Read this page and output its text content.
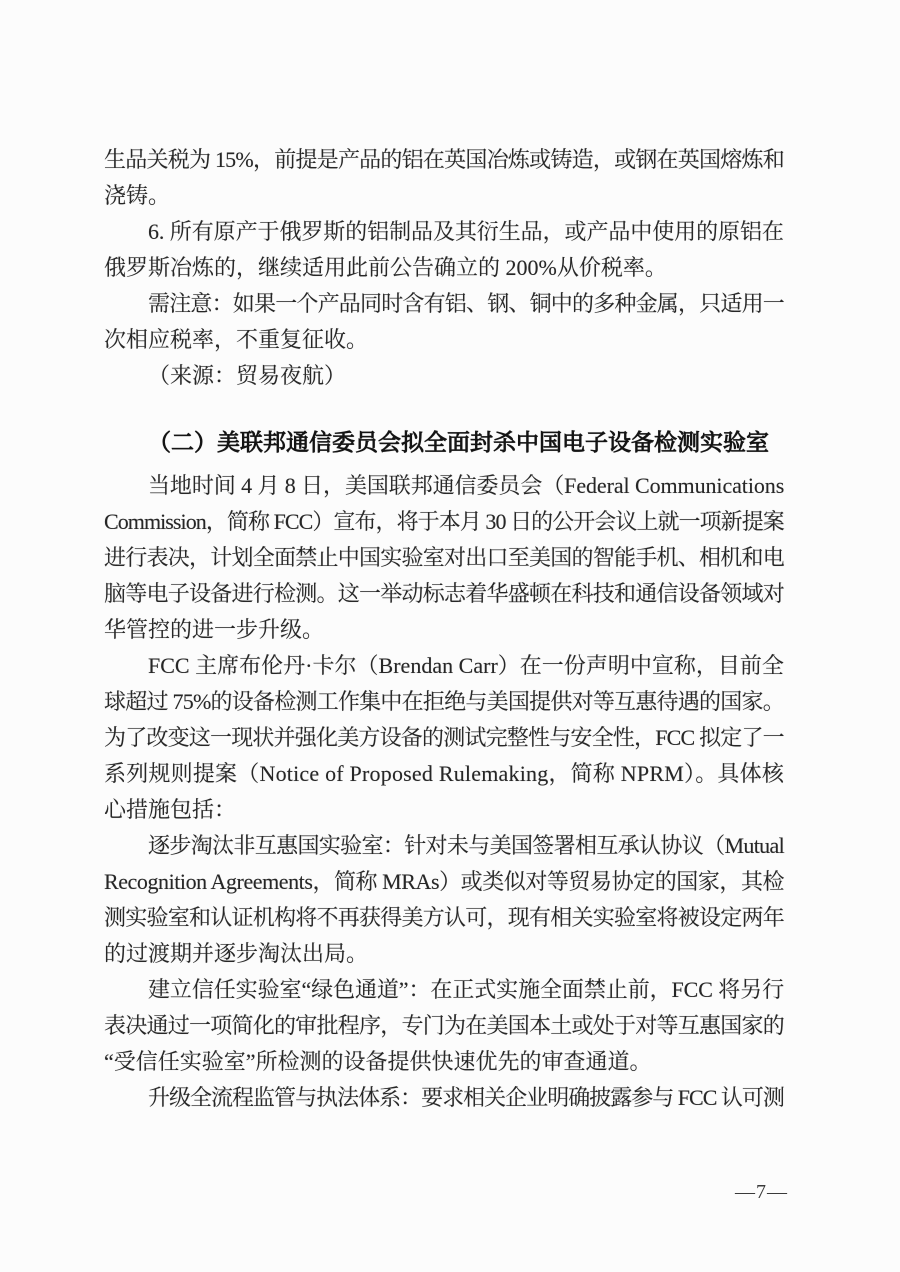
生品关税为 15%，前提是产品的铝在英国冶炼或铸造，或钢在英国熔炼和
浇铸。
6. 所有原产于俄罗斯的铝制品及其衍生品，或产品中使用的原铝在
俄罗斯冶炼的，继续适用此前公告确立的 200%从价税率。
需注意：如果一个产品同时含有铝、钢、铜中的多种金属，只适用一
次相应税率，不重复征收。
（来源：贸易夜航）
（二）美联邦通信委员会拟全面封杀中国电子设备检测实验室
当地时间 4 月 8 日，美国联邦通信委员会（Federal Communications
Commission，简称 FCC）宣布，将于本月 30 日的公开会议上就一项新提案
进行表决，计划全面禁止中国实验室对出口至美国的智能手机、相机和电
脑等电子设备进行检测。这一举动标志着华盛顿在科技和通信设备领域对
华管控的进一步升级。
FCC 主席布伦丹·卡尔（Brendan Carr）在一份声明中宣称，目前全
球超过 75%的设备检测工作集中在拒绝与美国提供对等互惠待遇的国家。
为了改变这一现状并强化美方设备的测试完整性与安全性，FCC 拟定了一
系列规则提案（Notice of Proposed Rulemaking，简称 NPRM）。具体核
心措施包括：
逐步淘汰非互惠国实验室：针对未与美国签署相互承认协议（Mutual
Recognition Agreements，简称 MRAs）或类似对等贸易协定的国家，其检
测实验室和认证机构将不再获得美方认可，现有相关实验室将被设定两年
的过渡期并逐步淘汰出局。
建立信任实验室“绿色通道”：在正式实施全面禁止前，FCC 将另行
表决通过一项简化的审批程序，专门为在美国本土或处于对等互惠国家的
“受信任实验室”所检测的设备提供快速优先的审查通道。
升级全流程监管与执法体系：要求相关企业明确披露参与 FCC 认可测
—7—
